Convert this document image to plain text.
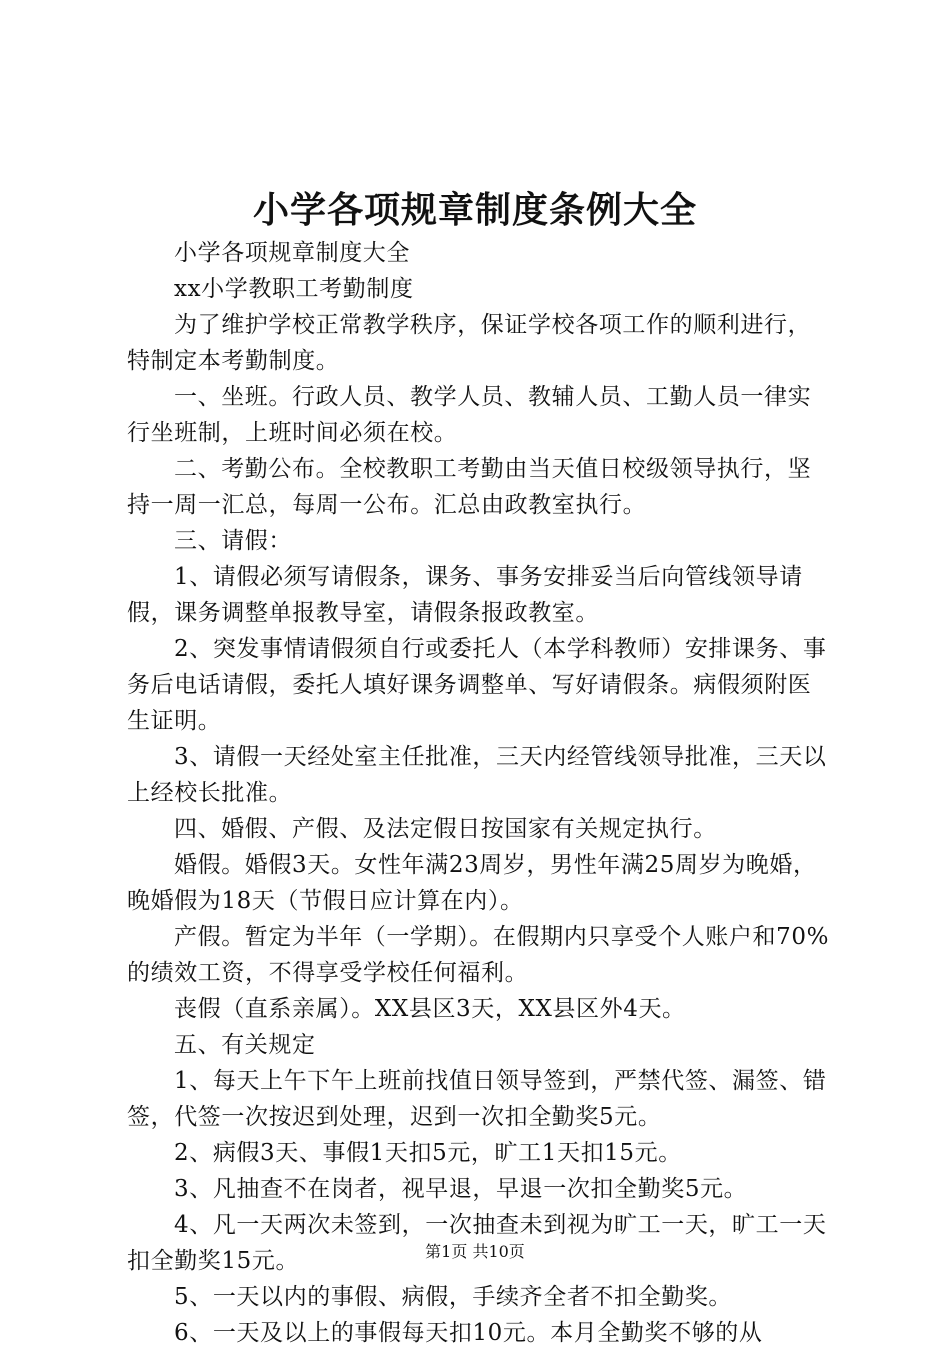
小学各项规章制度条例大全

小学各项规章制度大全

xx小学教职工考勤制度

为了维护学校正常教学秩序，保证学校各项工作的顺利进行，特制定本考勤制度。

一、坐班。行政人员、教学人员、教辅人员、工勤人员一律实行坐班制，上班时间必须在校。

二、考勤公布。全校教职工考勤由当天值日校级领导执行，坚持一周一汇总，每周一公布。汇总由政教室执行。

三、请假：

1、请假必须写请假条，课务、事务安排妥当后向管线领导请假，课务调整单报教导室，请假条报政教室。

2、突发事情请假须自行或委托人（本学科教师）安排课务、事务后电话请假，委托人填好课务调整单、写好请假条。病假须附医生证明。

3、请假一天经处室主任批准，三天内经管线领导批准，三天以上经校长批准。

四、婚假、产假、及法定假日按国家有关规定执行。

婚假。婚假3天。女性年满23周岁，男性年满25周岁为晚婚，晚婚假为18天（节假日应计算在内）。

产假。暂定为半年（一学期）。在假期内只享受个人账户和70%的绩效工资，不得享受学校任何福利。

丧假（直系亲属）。XX县区3天，XX县区外4天。

五、有关规定

1、每天上午下午上班前找值日领导签到，严禁代签、漏签、错签，代签一次按迟到处理，迟到一次扣全勤奖5元。

2、病假3天、事假1天扣5元，旷工1天扣15元。

3、凡抽查不在岗者，视早退，早退一次扣全勤奖5元。

4、凡一天两次未签到，一次抽查未到视为旷工一天，旷工一天扣全勤奖15元。

5、一天以内的事假、病假，手续齐全者不扣全勤奖。

6、一天及以上的事假每天扣10元。本月全勤奖不够的从

第1页 共10页
